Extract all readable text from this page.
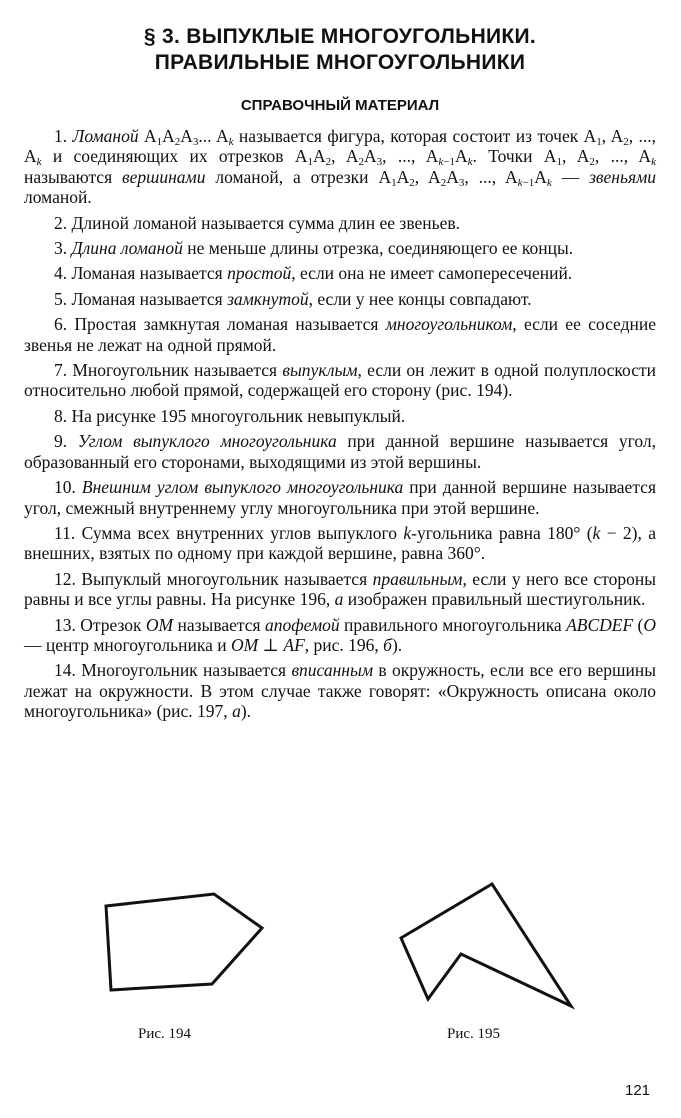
§ 3. ВЫПУКЛЫЕ МНОГОУГОЛЬНИКИ.
ПРАВИЛЬНЫЕ МНОГОУГОЛЬНИКИ
СПРАВОЧНЫЙ МАТЕРИАЛ

1. Ломаной $A_1A_2A_3$... $A_k$ называется фигура, которая состоит из точек $A_1$, $A_2$, ..., $A_k$ и соединяющих их отрезков $A_1A_2$, $A_2A_3$, ..., $A_{k-1}A_k$. Точки $A_1$, $A_2$, ..., $A_k$ называются вершинами ломаной, а отрезки $A_1A_2$, $A_2A_3$, ..., $A_{k-1}A_k$ — звеньями ломаной.

2. Длиной ломаной называется сумма длин ее звеньев.

3. Длина ломаной не меньше длины отрезка, соединяющего ее концы.

4. Ломаная называется простой, если она не имеет самопересечений.

5. Ломаная называется замкнутой, если у нее концы совпадают.

6. Простая замкнутая ломаная называется многоугольником, если ее соседние звенья не лежат на одной прямой.

7. Многоугольник называется выпуклым, если он лежит в одной полуплоскости относительно любой прямой, содержащей его сторону (рис. 194).

8. На рисунке 195 многоугольник невыпуклый.

9. Углом выпуклого многоугольника при данной вершине называется угол, образованный его сторонами, выходящими из этой вершины.

10. Внешним углом выпуклого многоугольника при данной вершине называется угол, смежный внутреннему углу многоугольника при этой вершине.

11. Сумма всех внутренних углов выпуклого k-угольника равна 180° (k − 2), а внешних, взятых по одному при каждой вершине, равна 360°.

12. Выпуклый многоугольник называется правильным, если у него все стороны равны и все углы равны. На рисунке 196, а изображен правильный шестиугольник.

13. Отрезок OM называется апофемой правильного многоугольника ABCDEF (O — центр многоугольника и OM ⊥ AF, рис. 196, б).

14. Многоугольник называется вписанным в окружность, если все его вершины лежат на окружности. В этом случае также говорят: «Окружность описана около многоугольника» (рис. 197, а).

Рис. 194	Рис. 195
121
